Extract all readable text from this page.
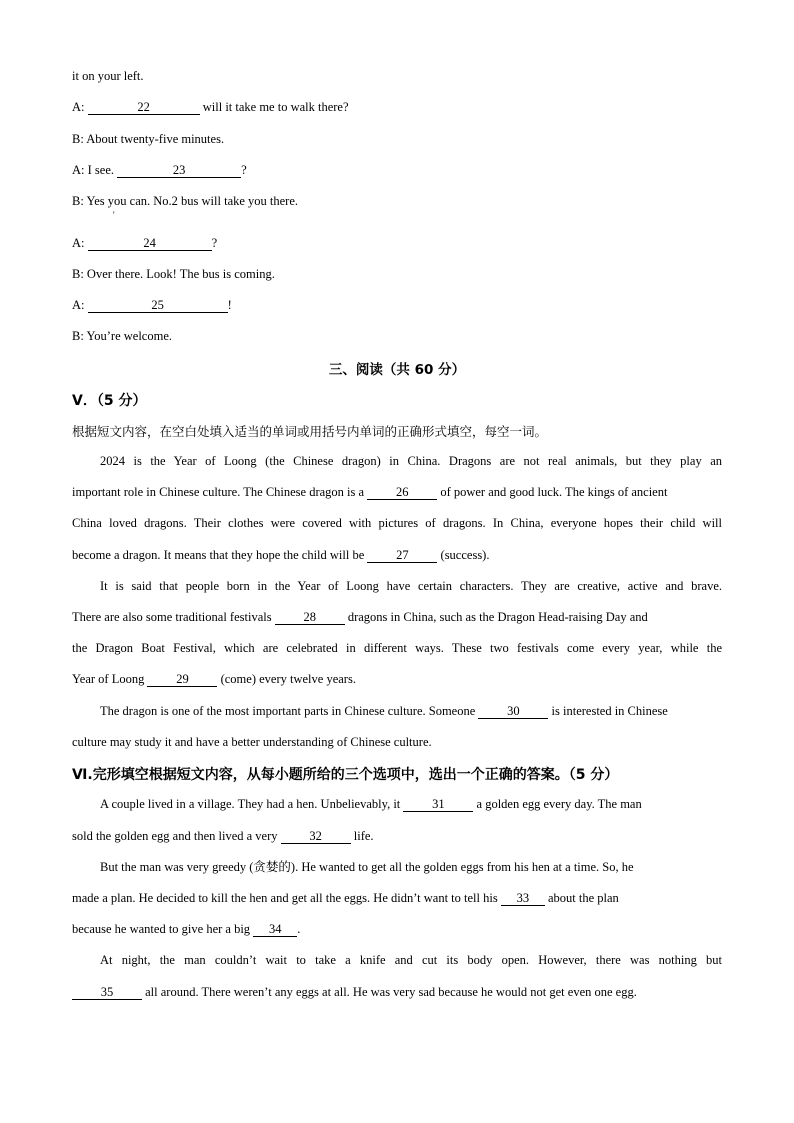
it on your left.
A:	22	will it take me to walk there?
B: About twenty-five minutes.
A: I see.	23	?
B: Yes you can. No.2 bus will take you there.
'
A:	24	?
B: Over there. Look! The bus is coming.
A:	25	!
B: You’re welcome.
三、阅读（共 60 分）
V．（5 分）
根据短文内容，在空白处填入适当的单词或用括号内单词的正确形式填空，每空一词。
2024 is the Year of Loong (the Chinese dragon) in China. Dragons are not real animals, but they play an
important role in Chinese culture. The Chinese dragon is a	26	of power and good luck. The kings of ancient
China loved dragons. Their clothes were covered with pictures of dragons. In China, everyone hopes their child will
become a dragon. It means that they hope the child will be	27	(success).
It is said that people born in the Year of Loong have certain characters. They are creative, active and brave.
There are also some traditional festivals	28	dragons in China, such as the Dragon Head-raising Day and
the Dragon Boat Festival, which are celebrated in different ways. These two festivals come every year, while the
Year of Loong	29	(come) every twelve years.
The dragon is one of the most important parts in Chinese culture. Someone	30	is interested in Chinese
culture may study it and have a better understanding of Chinese culture.
Ⅵ.完形填空根据短文内容，从每小题所给的三个选项中，选出一个正确的答案。（5 分）
A couple lived in a village. They had a hen. Unbelievably, it	31	a golden egg every day. The man
sold the golden egg and then lived a very	32	life.
But the man was very greedy (贪婪的). He wanted to get all the golden eggs from his hen at a time. So, he
made a plan. He decided to kill the hen and get all the eggs. He didn’t want to tell his 33 about the plan
because he wanted to give her a big 34 .
At night, the man couldn’t wait to take a knife and cut its body open. However, there was nothing but
35	all around. There weren’t any eggs at all. He was very sad because he would not get even one egg.
